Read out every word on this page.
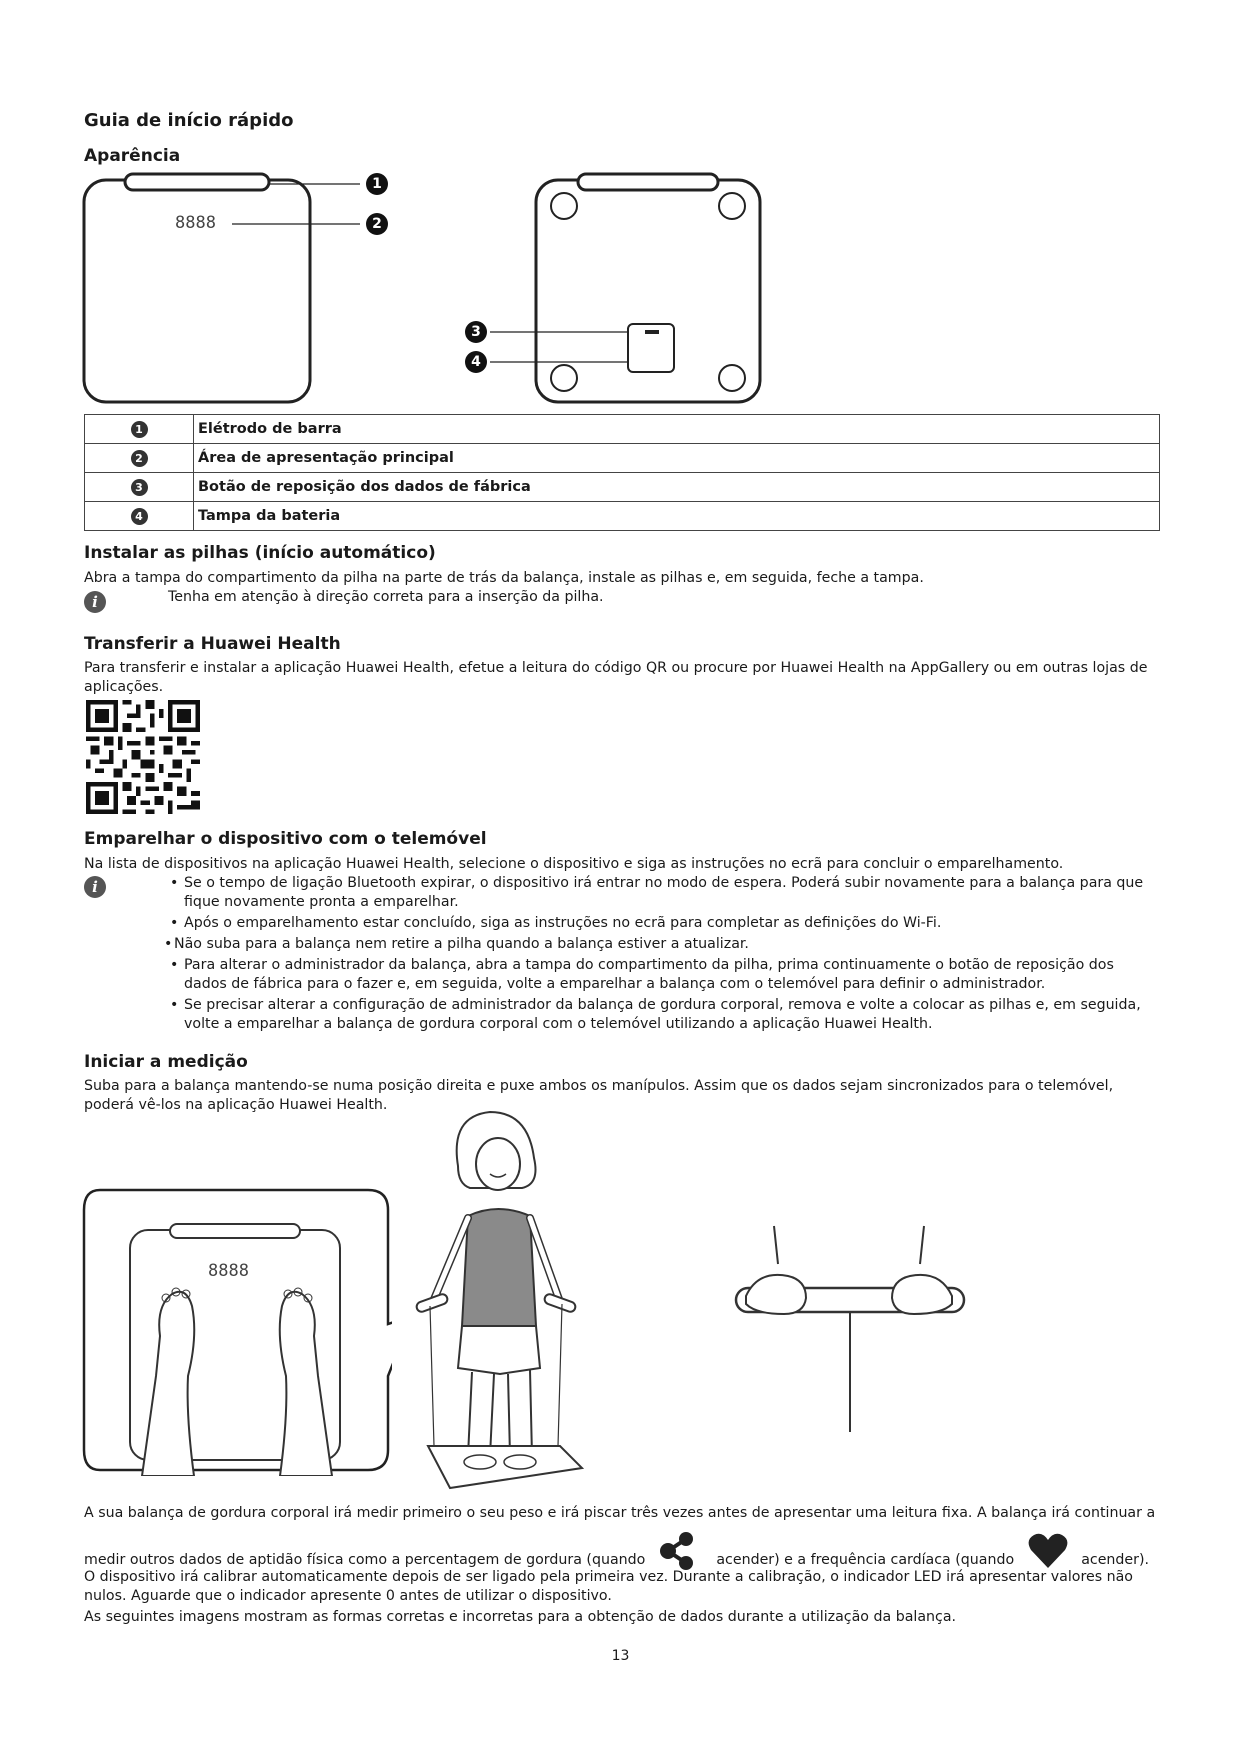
Guia de início rápido
Aparência
8888
1
2
3
4
1	Elétrodo de barra
2	Área de apresentação principal
3	Botão de reposição dos dados de fábrica
4	Tampa da bateria
Instalar as pilhas (início automático)

Abra a tampa do compartimento da pilha na parte de trás da balança, instale as pilhas e, em seguida, feche a tampa.

i	Tenha em atenção à direção correta para a inserção da pilha.
Transferir a Huawei Health

Para transferir e instalar a aplicação Huawei Health, efetue a leitura do código QR ou procure por Huawei Health na AppGallery ou em outras lojas de aplicações.

Emparelhar o dispositivo com o telemóvel

Na lista de dispositivos na aplicação Huawei Health, selecione o dispositivo e siga as instruções no ecrã para concluir o emparelhamento.

i	• Se o tempo de ligação Bluetooth expirar, o dispositivo irá entrar no modo de espera. Poderá subir novamente para a balança para que fique novamente pronta a emparelhar.
• Após o emparelhamento estar concluído, siga as instruções no ecrã para completar as definições do Wi-Fi.
• Não suba para a balança nem retire a pilha quando a balança estiver a atualizar.
• Para alterar o administrador da balança, abra a tampa do compartimento da pilha, prima continuamente o botão de reposição dos dados de fábrica para o fazer e, em seguida, volte a emparelhar a balança com o telemóvel para definir o administrador.
• Se precisar alterar a configuração de administrador da balança de gordura corporal, remova e volte a colocar as pilhas e, em seguida, volte a emparelhar a balança de gordura corporal com o telemóvel utilizando a aplicação Huawei Health.
Iniciar a medição

Suba para a balança mantendo-se numa posição direita e puxe ambos os manípulos. Assim que os dados sejam sincronizados para o telemóvel, poderá vê-los na aplicação Huawei Health.

8888
A sua balança de gordura corporal irá medir primeiro o seu peso e irá piscar três vezes antes de apresentar uma leitura fixa. A balança irá continuar a
medir outros dados de aptidão física como a percentagem de gordura (quando	acender) e a frequência cardíaca (quando	acender).

O dispositivo irá calibrar automaticamente depois de ser ligado pela primeira vez. Durante a calibração, o indicador LED irá apresentar valores não nulos. Aguarde que o indicador apresente 0 antes de utilizar o dispositivo.

As seguintes imagens mostram as formas corretas e incorretas para a obtenção de dados durante a utilização da balança.

13
